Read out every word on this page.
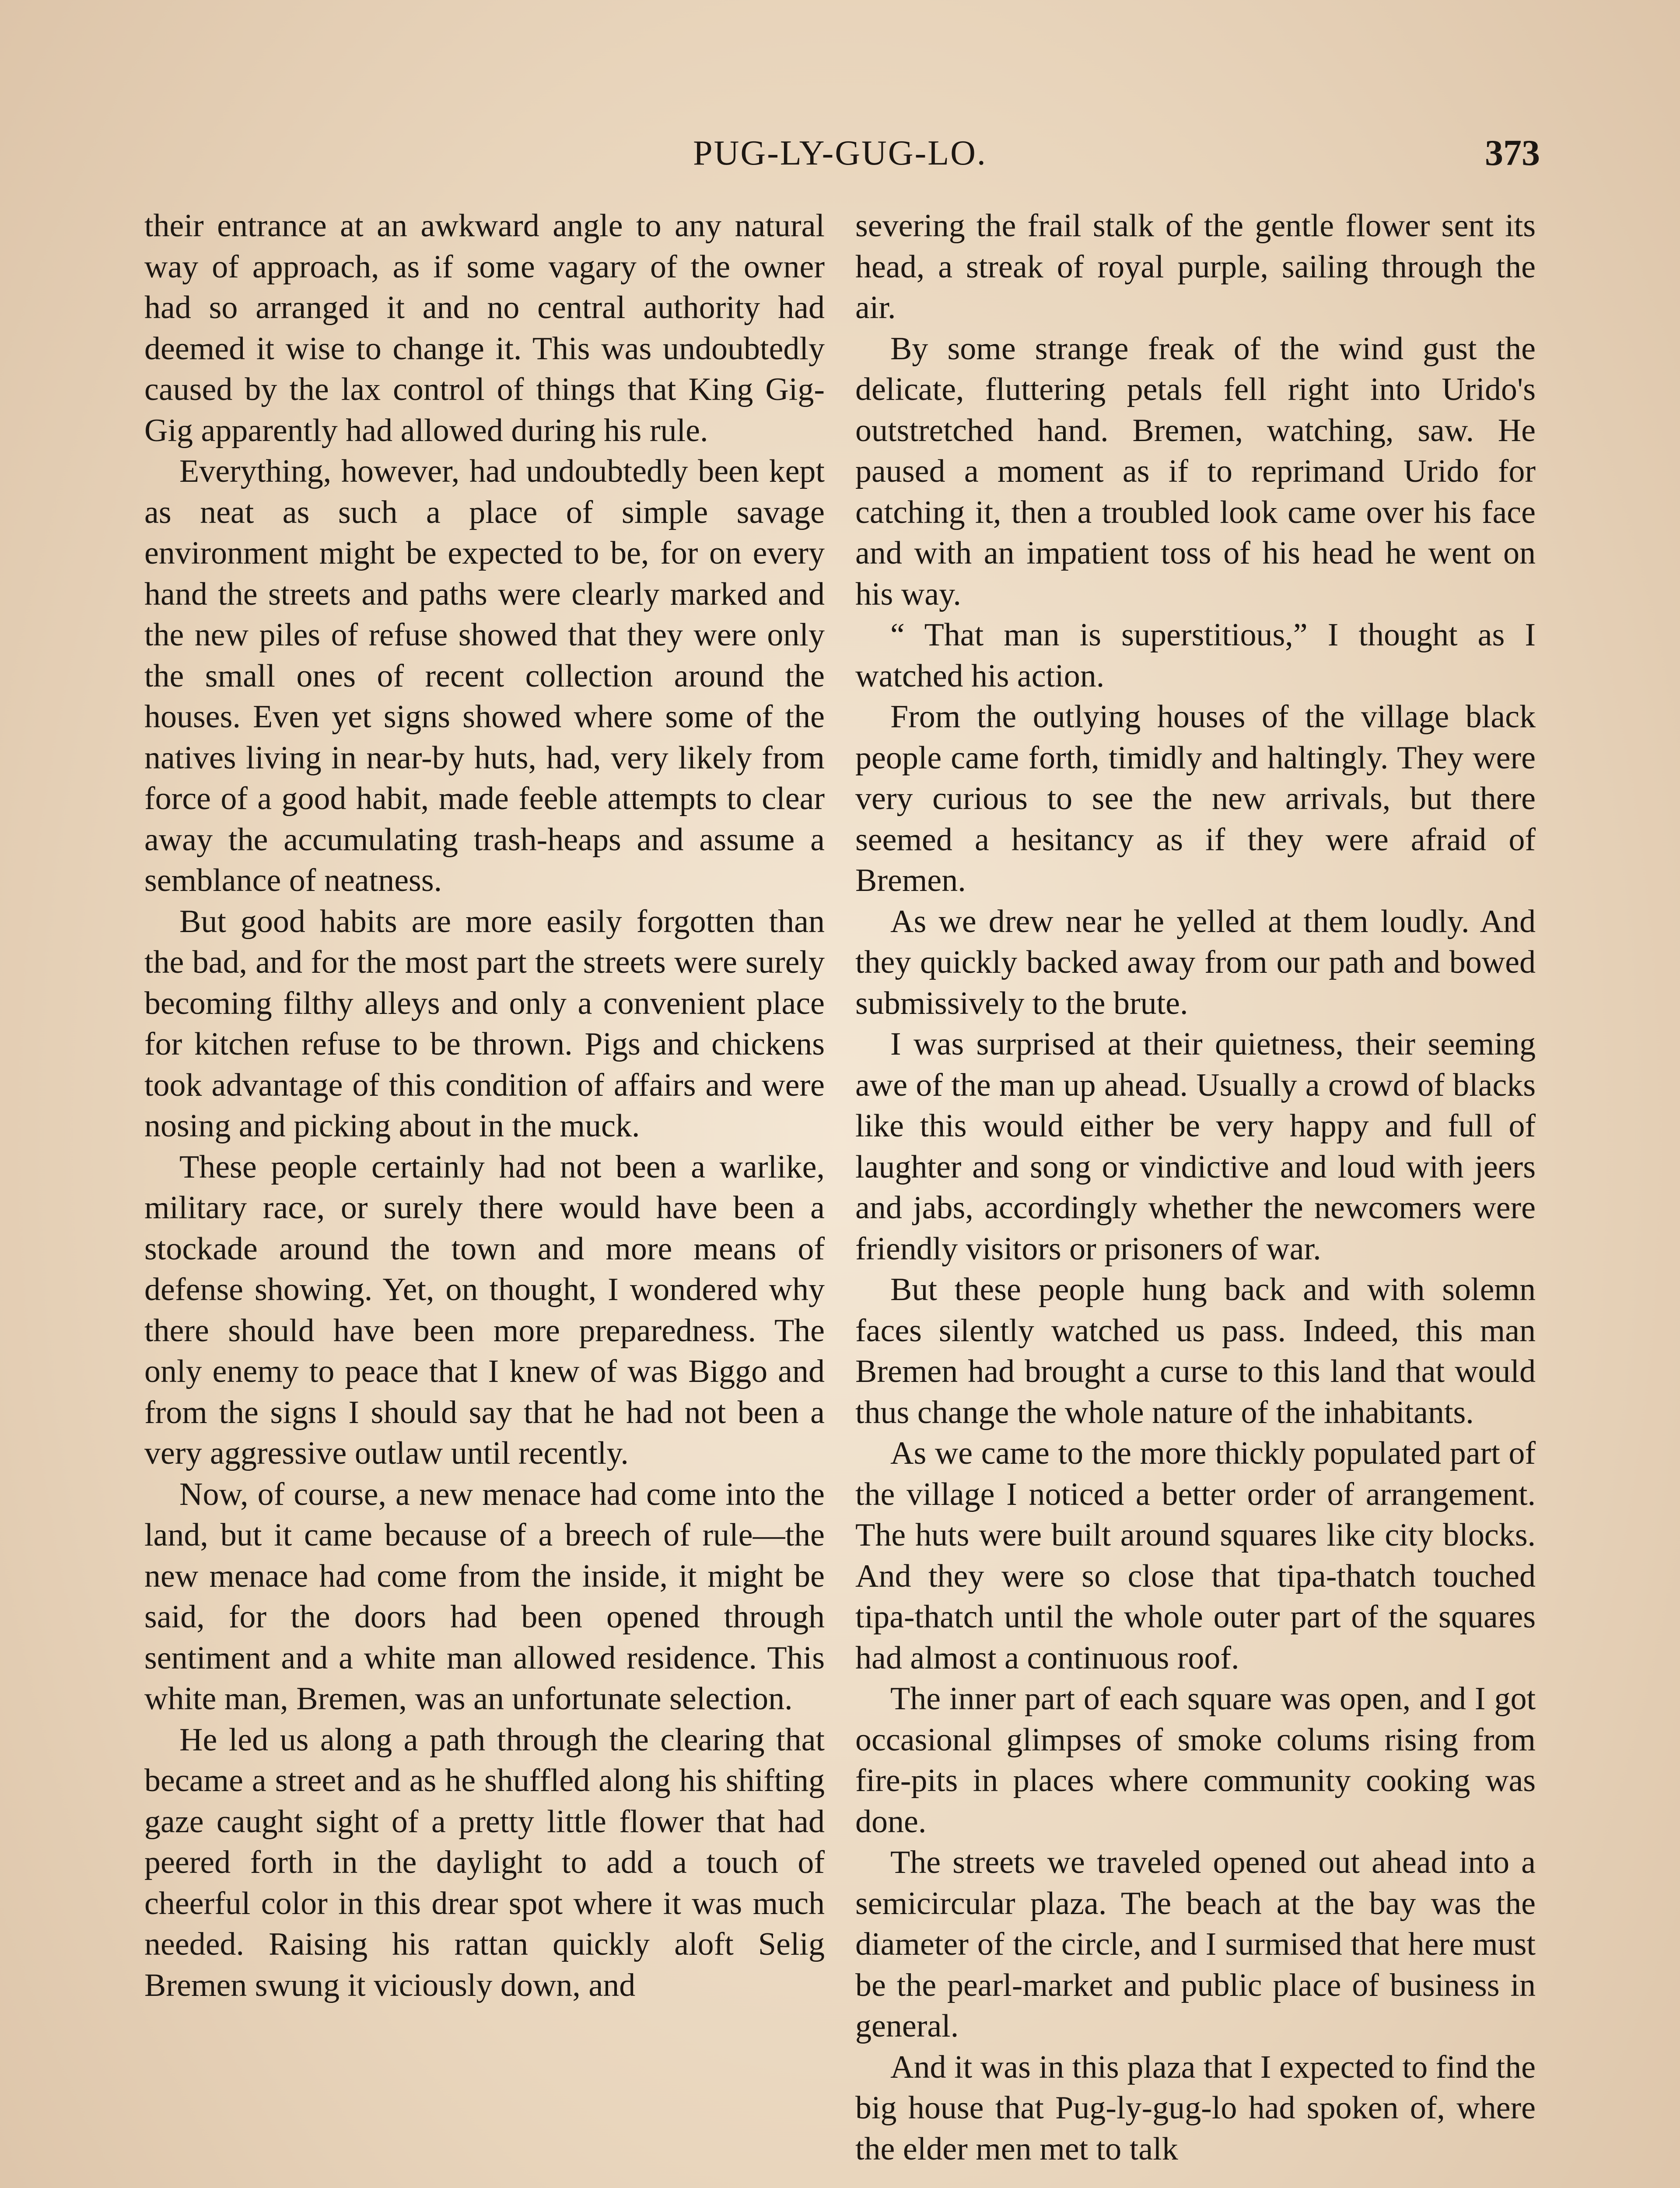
PUG-LY-GUG-LO.	373

their entrance at an awkward angle to any natural way of approach, as if some vagary of the owner had so arranged it and no central authority had deemed it wise to change it. This was undoubtedly caused by the lax control of things that King Gig-Gig apparently had allowed during his rule.

Everything, however, had undoubtedly been kept as neat as such a place of simple savage environment might be expected to be, for on every hand the streets and paths were clearly marked and the new piles of refuse showed that they were only the small ones of recent collection around the houses. Even yet signs showed where some of the natives living in near-by huts, had, very likely from force of a good habit, made feeble attempts to clear away the accumulating trash-heaps and assume a semblance of neatness.

But good habits are more easily forgotten than the bad, and for the most part the streets were surely becoming filthy alleys and only a convenient place for kitchen refuse to be thrown. Pigs and chickens took advantage of this condition of affairs and were nosing and picking about in the muck.

These people certainly had not been a warlike, military race, or surely there would have been a stockade around the town and more means of defense showing. Yet, on thought, I wondered why there should have been more preparedness. The only enemy to peace that I knew of was Biggo and from the signs I should say that he had not been a very aggressive outlaw until recently.

Now, of course, a new menace had come into the land, but it came because of a breech of rule—the new menace had come from the inside, it might be said, for the doors had been opened through sentiment and a white man allowed residence. This white man, Bremen, was an unfortunate selection.

He led us along a path through the clearing that became a street and as he shuffled along his shifting gaze caught sight of a pretty little flower that had peered forth in the daylight to add a touch of cheerful color in this drear spot where it was much needed. Raising his rattan quickly aloft Selig Bremen swung it viciously down, and

severing the frail stalk of the gentle flower sent its head, a streak of royal purple, sailing through the air.

By some strange freak of the wind gust the delicate, fluttering petals fell right into Urido's outstretched hand. Bremen, watching, saw. He paused a moment as if to reprimand Urido for catching it, then a troubled look came over his face and with an impatient toss of his head he went on his way.

“ That man is superstitious,” I thought as I watched his action.

From the outlying houses of the village black people came forth, timidly and haltingly. They were very curious to see the new arrivals, but there seemed a hesitancy as if they were afraid of Bremen.

As we drew near he yelled at them loudly. And they quickly backed away from our path and bowed submissively to the brute.

I was surprised at their quietness, their seeming awe of the man up ahead. Usually a crowd of blacks like this would either be very happy and full of laughter and song or vindictive and loud with jeers and jabs, accordingly whether the newcomers were friendly visitors or prisoners of war.

But these people hung back and with solemn faces silently watched us pass. Indeed, this man Bremen had brought a curse to this land that would thus change the whole nature of the inhabitants.

As we came to the more thickly populated part of the village I noticed a better order of arrangement. The huts were built around squares like city blocks. And they were so close that tipa-thatch touched tipa-thatch until the whole outer part of the squares had almost a continuous roof.

The inner part of each square was open, and I got occasional glimpses of smoke colums rising from fire-pits in places where community cooking was done.

The streets we traveled opened out ahead into a semicircular plaza. The beach at the bay was the diameter of the circle, and I surmised that here must be the pearl-market and public place of business in general.

And it was in this plaza that I expected to find the big house that Pug-ly-gug-lo had spoken of, where the elder men met to talk
